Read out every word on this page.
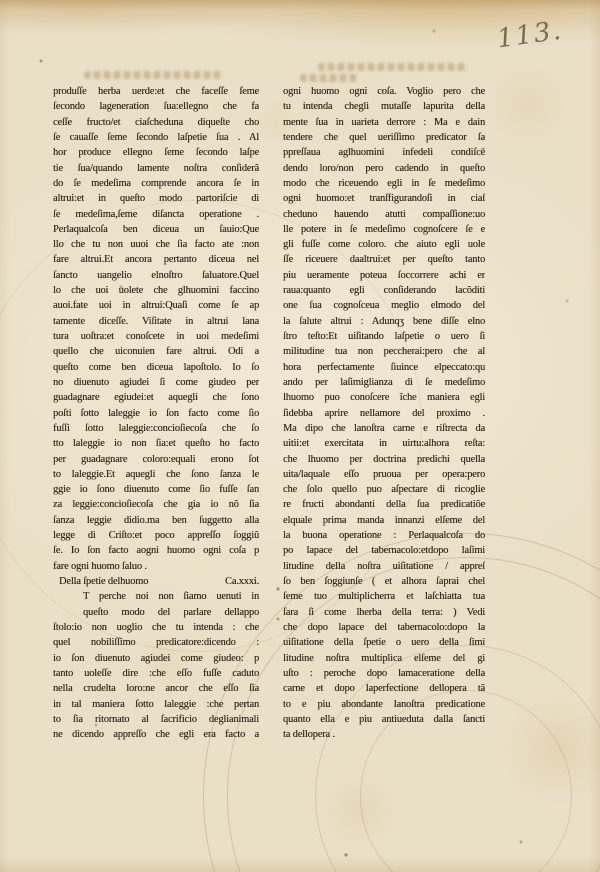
113.
produſſe herba uerde:et che faceſſe ſeme
ſecondo lageneration ſua:ellegno che fa
ceſſe fructo/et ciaſcheduna diqueſte cho
ſe cauaſſe ſeme ſecondo laſpetie ſua . Al
hor produce ellegno ſeme ſecondo laſpe
tie ſua/quando lamente noſtra conſiderã
do ſe medeſima comprende ancora ſe in
altrui:et in queſto modo partoriſcie di
ſe medeſima,ſeme diſancta operatione .
Perlaqualcoſa ben diceua un ſauio:Que
llo che tu non uuoi che ſia facto ate :non
fare altrui.Et ancora pertanto diceua nel
ſancto uangelio elnoſtro ſaluatore.Quel
lo che uoi uolete che glhuomini faccino
auoi.fate uoi in altrui:Quaſi come ſe ap
tamente diceſſe. Viſitate in altrui lana
tura uoſtra:et conoſcete in uoi medeſimi
quello che uiconuien fare altrui. Odi a
queſto come ben diceua lapoſtolo. Io ſo
no diuenuto agiudei ſi come giudeo per
guadagnare egiudei:et aquegli che ſono
poſti ſotto laleggie io ſon facto come ſio
fuſſi ſotto laleggie:concioſiecoſa che ſo
tto laleggie io non ſia:et queſto ho facto
per guadagnare coloro:equali erono ſot
to laleggie.Et aquegli che ſono ſanza le
ggie io ſono diuenuto come ſio fuſſe ſan
za leggie:concioſiecoſa che gia io nõ ſia
ſanza leggie didio.ma ben ſuggetto alla
legge di Criſto:et poco appreſſo ſoggiũ
ſe. Io ſon facto aogni huomo ogni coſa p
fare ogni huomo ſaluo .
Della ſpetie delhuomo	Ca.xxxi.
T perche noi non ſiamo uenuti in
queſto modo del parlare dellappo
ſtolo:io non uoglio che tu intenda : che
quel nobiliſſimo predicatore:dicendo :
io ſon diuenuto agiudei come giudeo: p
tanto uoleſſe dire :che eſſo fuſſe caduto
nella crudelta loro:ne ancor che eſſo ſia
in tal maniera ſotto laleggie :che pertan
to ſia ritornato al ſacrificio deglianimali
ne dicendo appreſſo che egli era facto a
ogni huomo ogni coſa. Voglio pero che
tu intenda chegli mutaſſe lapurita della
mente ſua in uarieta derrore : Ma e dain
tendere che quel ueriſſimo predicator ſa
ppreſſaua aglhuomini infedeli condiſcē
dendo loro/non pero cadendo in queſto
modo che riceuendo egli in ſe medeſimo
ogni huomo:et tranſfigurandoſi in ciaſ
cheduno hauendo atutti compaſſione:uo
lle potere in ſe medeſimo cognoſcere ſe e
gli fuſſe come coloro. che aiuto egli uole
ſſe riceuere daaltrui:et per queſto tanto
piu ueramente poteua ſoccorrere achi er
raua:quanto egli conſiderando lacõditi
one ſua cognoſceua meglio elmodo del
la ſalute altrui : Adunqʒ bene diſſe elno
ſtro teſto:Et uiſitando laſpetie o uero ſi
militudine tua non peccherai:pero che al
hora perfectamente ſiuince elpeccato:qu
ando per laſimiglianza di ſe medeſimo
lhuomo puo conoſcere ĩche maniera egli
ſidebba aprire nellamore del proximo .
Ma dipo che lanoſtra carne e riſtrecta da
uitii:et exercitata in uirtu:alhora reſta:
che lhuomo per doctrina predichi quella
uita/laquale eſſo pruoua per opera:pero
che ſolo quello puo aſpectare di ricoglie
re fructi abondanti della ſua predicatiõe
elquale prima manda innanzi elſeme del
la buona operatione : Perlaqualcoſa do
po lapace del tabernacolo:etdopo laſimi
litudine della noſtra uiſitatione / appreſ
ſo ben ſoggiunſe ( et alhora ſaprai chel
ſeme tuo multiplicherra et laſchiatta tua
ſara ſi come lherba della terra: ) Vedi
che dopo lapace del tabernacolo:dopo la
uiſitatione della ſpetie o uero della ſimi
litudine noſtra multiplica elſeme del gi
uſto : peroche dopo lamaceratione della
carne et dopo laperfectione dellopera tã
to e piu abondante lanoſtra predicatione
quanto ella e piu antiueduta dalla ſancti
ta dellopera .
